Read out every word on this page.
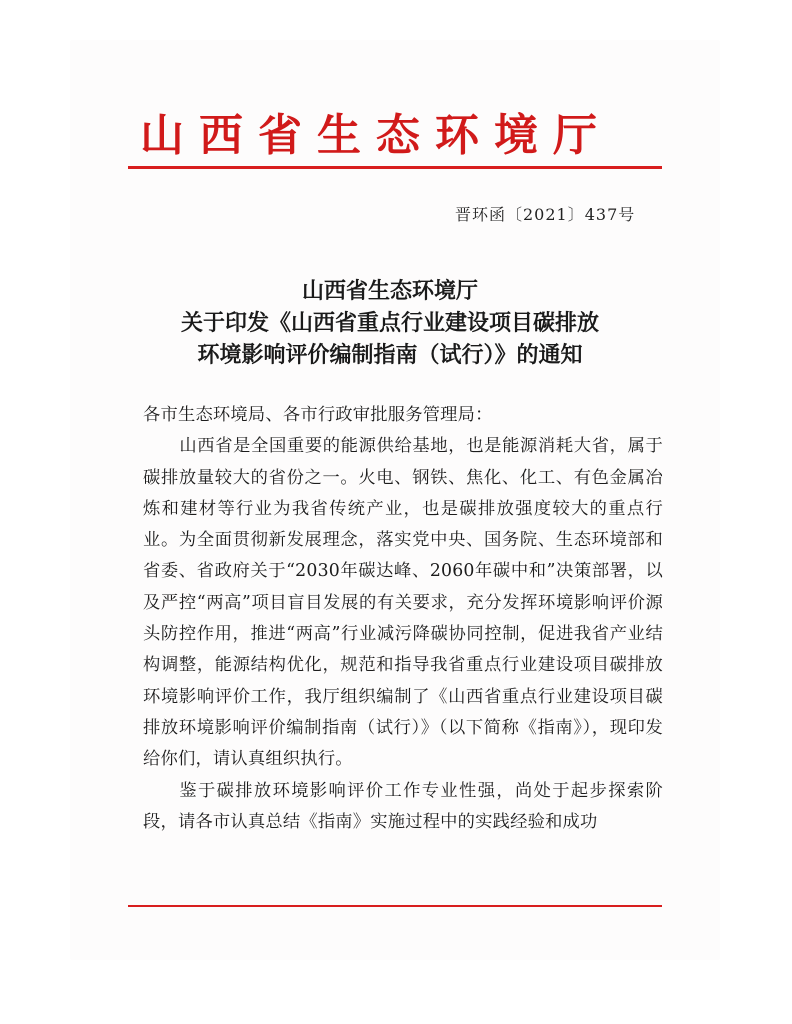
山西省生态环境厅
晋环函〔2021〕437号
山西省生态环境厅
关于印发《山西省重点行业建设项目碳排放
环境影响评价编制指南（试行）》的通知
各市生态环境局、各市行政审批服务管理局：
山西省是全国重要的能源供给基地，也是能源消耗大省，属于碳排放量较大的省份之一。火电、钢铁、焦化、化工、有色金属冶炼和建材等行业为我省传统产业，也是碳排放强度较大的重点行业。为全面贯彻新发展理念，落实党中央、国务院、生态环境部和省委、省政府关于“2030年碳达峰、2060年碳中和”决策部署，以及严控“两高”项目盲目发展的有关要求，充分发挥环境影响评价源头防控作用，推进“两高”行业减污降碳协同控制，促进我省产业结构调整，能源结构优化，规范和指导我省重点行业建设项目碳排放环境影响评价工作，我厅组织编制了《山西省重点行业建设项目碳排放环境影响评价编制指南（试行）》（以下简称《指南》），现印发给你们，请认真组织执行。
鉴于碳排放环境影响评价工作专业性强，尚处于起步探索阶段，请各市认真总结《指南》实施过程中的实践经验和成功
